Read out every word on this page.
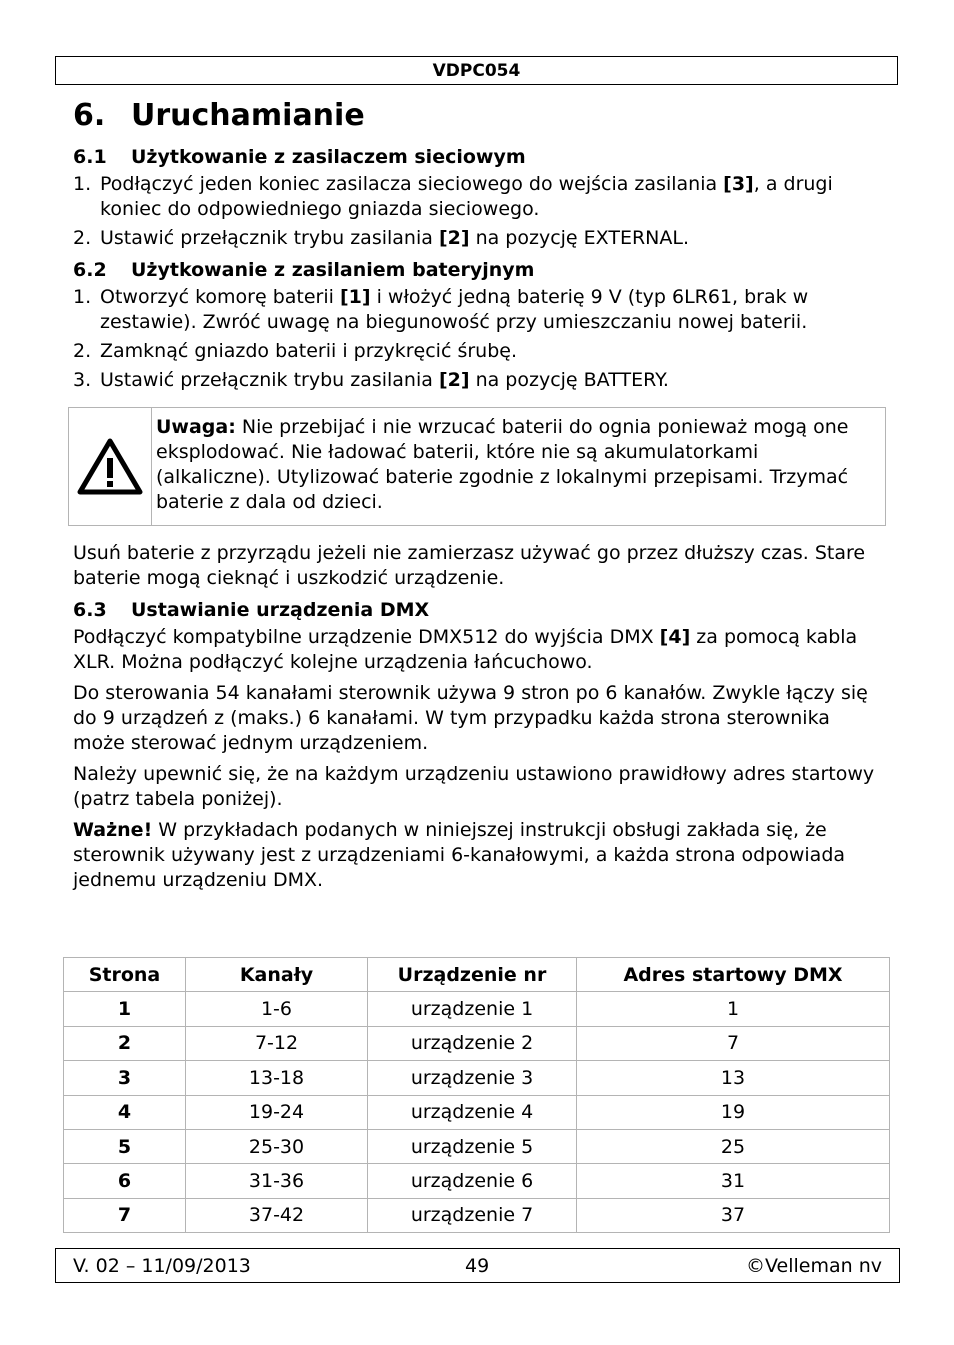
VDPC054
6. Uruchamianie
6.1 Użytkowanie z zasilaczem sieciowym
1. Podłączyć jeden koniec zasilacza sieciowego do wejścia zasilania [3], a drugi koniec do odpowiedniego gniazda sieciowego.
2. Ustawić przełącznik trybu zasilania [2] na pozycję EXTERNAL.
6.2 Użytkowanie z zasilaniem bateryjnym
1. Otworzyć komorę baterii [1] i włożyć jedną baterię 9 V (typ 6LR61, brak w zestawie). Zwróć uwagę na biegunowość przy umieszczaniu nowej baterii.
2. Zamknąć gniazdo baterii i przykręcić śrubę.
3. Ustawić przełącznik trybu zasilania [2] na pozycję BATTERY.
Uwaga: Nie przebijać i nie wrzucać baterii do ognia ponieważ mogą one eksplodować. Nie ładować baterii, które nie są akumulatorkami (alkaliczne). Utylizować baterie zgodnie z lokalnymi przepisami. Trzymać baterie z dala od dzieci.

Usuń baterie z przyrządu jeżeli nie zamierzasz używać go przez dłuższy czas. Stare baterie mogą cieknąć i uszkodzić urządzenie.

6.3 Ustawianie urządzenia DMX

Podłączyć kompatybilne urządzenie DMX512 do wyjścia DMX [4] za pomocą kabla XLR. Można podłączyć kolejne urządzenia łańcuchowo.

Do sterowania 54 kanałami sterownik używa 9 stron po 6 kanałów. Zwykle łączy się do 9 urządzeń z (maks.) 6 kanałami. W tym przypadku każda strona sterownika może sterować jednym urządzeniem.

Należy upewnić się, że na każdym urządzeniu ustawiono prawidłowy adres startowy (patrz tabela poniżej).

Ważne! W przykładach podanych w niniejszej instrukcji obsługi zakłada się, że sterownik używany jest z urządzeniami 6-kanałowymi, a każda strona odpowiada jednemu urządzeniu DMX.

Strona	Kanały	Urządzenie nr	Adres startowy DMX
1	1-6	urządzenie 1	1
2	7-12	urządzenie 2	7
3	13-18	urządzenie 3	13
4	19-24	urządzenie 4	19
5	25-30	urządzenie 5	25
6	31-36	urządzenie 6	31
7	37-42	urządzenie 7	37
V. 02 – 11/09/2013	49	©Velleman nv
